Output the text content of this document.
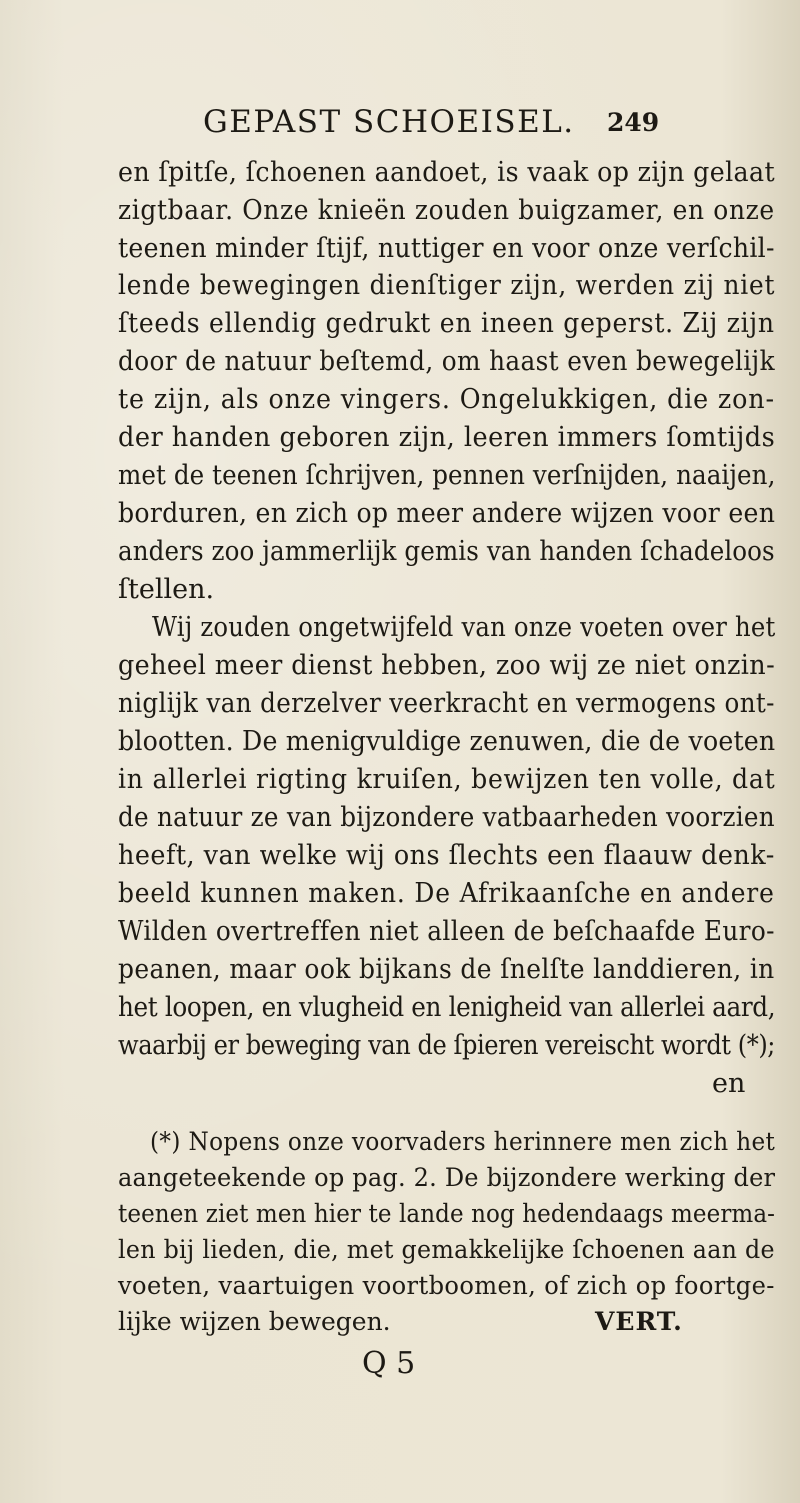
GEPAST SCHOEISEL. 249
en ſpitſe, ſchoenen aandoet, is vaak op zijn gelaat
zigtbaar. Onze knieën zouden buigzamer, en onze
teenen minder ſtijf, nuttiger en voor onze verſchil-
lende bewegingen dienſtiger zijn, werden zij niet
ſteeds ellendig gedrukt en ineen geperst. Zij zijn
door de natuur beſtemd, om haast even bewegelijk
te zijn, als onze vingers. Ongelukkigen, die zon-
der handen geboren zijn, leeren immers ſomtijds
met de teenen ſchrijven, pennen verſnijden, naaijen,
borduren, en zich op meer andere wijzen voor een
anders zoo jammerlijk gemis van handen ſchadeloos
ſtellen.
Wij zouden ongetwijfeld van onze voeten over het
geheel meer dienst hebben, zoo wij ze niet onzin-
niglijk van derzelver veerkracht en vermogens ont-
blootten. De menigvuldige zenuwen, die de voeten
in allerlei rigting kruiſen, bewijzen ten volle, dat
de natuur ze van bijzondere vatbaarheden voorzien
heeft, van welke wij ons ſlechts een flaauw denk-
beeld kunnen maken. De Afrikaanſche en andere
Wilden overtreffen niet alleen de beſchaafde Euro-
peanen, maar ook bijkans de ſnelſte landdieren, in
het loopen, en vlugheid en lenigheid van allerlei aard,
waarbij er beweging van de ſpieren vereischt wordt (*);
en
(*) Nopens onze voorvaders herinnere men zich het
aangeteekende op pag. 2. De bijzondere werking der
teenen ziet men hier te lande nog hedendaags meerma-
len bij lieden, die, met gemakkelijke ſchoenen aan de
voeten, vaartuigen voortboomen, of zich op foortge-
lijke wijzen bewegen.	VERT.
Q 5
